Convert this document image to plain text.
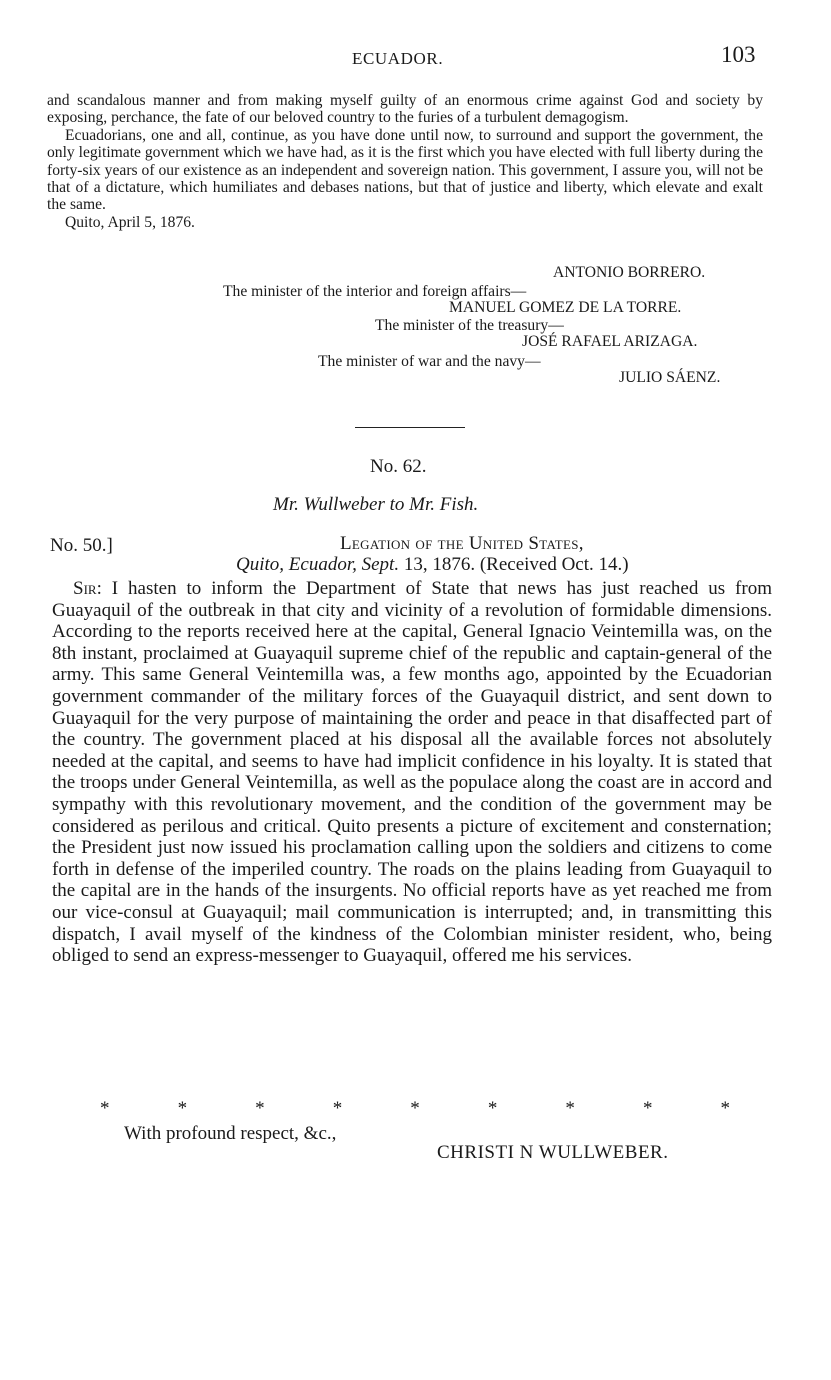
ECUADOR.	103

and scandalous manner and from making myself guilty of an enormous crime against God and society by exposing, perchance, the fate of our beloved country to the furies of a turbulent demagogism.

Ecuadorians, one and all, continue, as you have done until now, to surround and support the government, the only legitimate government which we have had, as it is the first which you have elected with full liberty during the forty-six years of our existence as an independent and sovereign nation. This government, I assure you, will not be that of a dictature, which humiliates and debases nations, but that of justice and liberty, which elevate and exalt the same.

Quito, April 5, 1876.

ANTONIO BORRERO.
The minister of the interior and foreign affairs—
MANUEL GOMEZ DE LA TORRE.
The minister of the treasury—
JOSÉ RAFAEL ARIZAGA.
The minister of war and the navy—
JULIO SÁENZ.
No. 62.
Mr. Wullweber to Mr. Fish.
No. 50.]	Legation of the United States,
Quito, Ecuador, Sept. 13, 1876. (Received Oct. 14.)

Sir: I hasten to inform the Department of State that news has just reached us from Guayaquil of the outbreak in that city and vicinity of a revolution of formidable dimensions. According to the reports received here at the capital, General Ignacio Veintemilla was, on the 8th instant, proclaimed at Guayaquil supreme chief of the republic and captain-general of the army. This same General Veintemilla was, a few months ago, appointed by the Ecuadorian government commander of the military forces of the Guayaquil district, and sent down to Guayaquil for the very purpose of maintaining the order and peace in that disaffected part of the country. The government placed at his disposal all the available forces not absolutely needed at the capital, and seems to have had implicit confidence in his loyalty. It is stated that the troops under General Veintemilla, as well as the populace along the coast are in accord and sympathy with this revolutionary movement, and the condition of the government may be considered as perilous and critical. Quito presents a picture of excitement and consternation; the President just now issued his proclamation calling upon the soldiers and citizens to come forth in defense of the imperiled country. The roads on the plains leading from Guayaquil to the capital are in the hands of the insurgents. No official reports have as yet reached me from our vice-consul at Guayaquil; mail communication is interrupted; and, in transmitting this dispatch, I avail myself of the kindness of the Colombian minister resident, who, being obliged to send an express-messenger to Guayaquil, offered me his services.

*	*	*	*	*	*	*	*	*
With profound respect, &c.,
CHRISTI N WULLWEBER.
